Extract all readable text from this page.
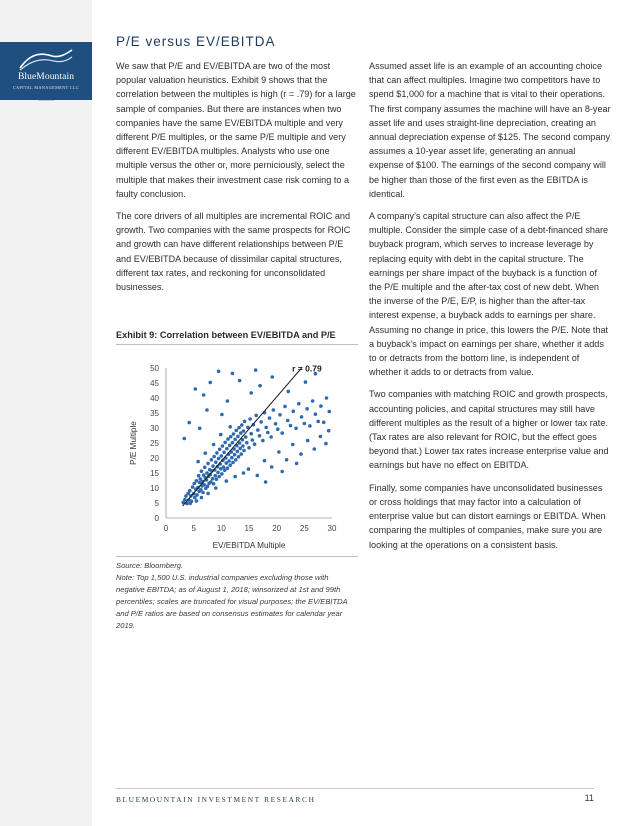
BlueMountain
CAPITAL MANAGEMENT LLC
P/E versus EV/EBITDA

We saw that P/E and EV/EBITDA are two of the most popular valuation heuristics. Exhibit 9 shows that the correlation between the multiples is high (r = .79) for a large sample of companies. But there are instances when two companies have the same EV/EBITDA multiple and very different P/E multiples, or the same P/E multiple and very different EV/EBITDA multiples. Analysts who use one multiple versus the other or, more perniciously, select the multiple that makes their investment case risk coming to a faulty conclusion.

The core drivers of all multiples are incremental ROIC and growth. Two companies with the same prospects for ROIC and growth can have different relationships between P/E and EV/EBITDA because of dissimilar capital structures, different tax rates, and reckoning for unconsolidated businesses.

Exhibit 9: Correlation between EV/EBITDA and P/E
0	5	10 15 20 25 30
0
5
10
15
20
25
30
35
40
45
50	r = 0.79
EV/EBITDA Multiple
P/E Multiple

Source: Bloomberg.

Note: Top 1,500 U.S. industrial companies excluding those with negative EBITDA; as of August 1, 2018; winsorized at 1st and 99th percentiles; scales are truncated for visual purposes; the EV/EBITDA and P/E ratios are based on consensus estimates for calendar year 2019.

Assumed asset life is an example of an accounting choice that can affect multiples. Imagine two competitors have to spend $1,000 for a machine that is vital to their operations. The first company assumes the machine will have an 8-year asset life and uses straight-line depreciation, creating an annual depreciation expense of $125. The second company assumes a 10-year asset life, generating an annual expense of $100. The earnings of the second company will be higher than those of the first even as the EBITDA is identical.

A company’s capital structure can also affect the P/E multiple. Consider the simple case of a debt-financed share buyback program, which serves to increase leverage by replacing equity with debt in the capital structure. The earnings per share impact of the buyback is a function of the P/E multiple and the after-tax cost of new debt. When the inverse of the P/E, E/P, is higher than the after-tax interest expense, a buyback adds to earnings per share. Assuming no change in price, this lowers the P/E. Note that a buyback’s impact on earnings per share, whether it adds to or detracts from the bottom line, is independent of whether it adds to or detracts from value.

Two companies with matching ROIC and growth prospects, accounting policies, and capital structures may still have different multiples as the result of a higher or lower tax rate. (Tax rates are also relevant for ROIC, but the effect goes beyond that.) Lower tax rates increase enterprise value and earnings but have no effect on EBITDA.

Finally, some companies have unconsolidated businesses or cross holdings that may factor into a calculation of enterprise value but can distort earnings or EBITDA. When comparing the multiples of companies, make sure you are looking at the operations on a consistent basis.

BLUEMOUNTAIN INVESTMENT RESEARCH	11
